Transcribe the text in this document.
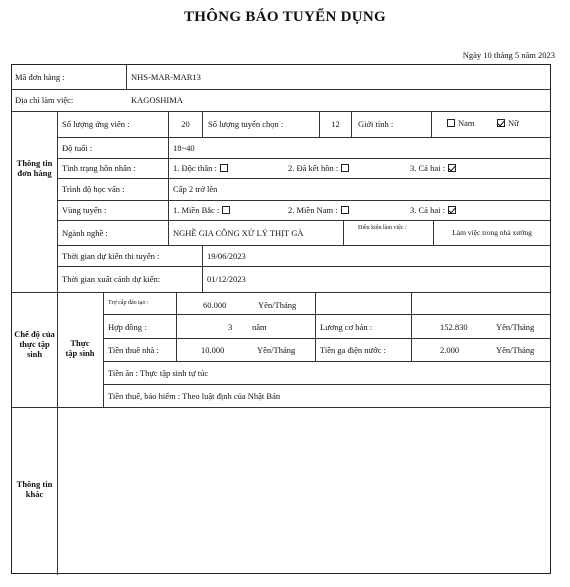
THÔNG BÁO TUYỂN DỤNG
Ngày 10 tháng 5 năm 2023
Mã đơn hàng :	NHS-MAR-MAR13
Địa chỉ làm việc:	KAGOSHIMA
Thông tin đơn hàng
Số lượng ứng viên :	20	Số lượng tuyển chọn :	12	Giới tính :	Nam	Nữ
Độ tuổi :	18~40
Tình trạng hôn nhân :	1. Độc thân :	2. Đã kết hôn :	3. Cả hai :
Trình độ học vấn :	Cấp 2 trở lên
Vùng tuyển :	1. Miền Bắc :	2. Miền Nam :	3. Cả hai :
Ngành nghề :	NGHỀ GIA CÔNG XỬ LÝ THỊT GÀ	Điều kiện làm việc :	Làm việc trong nhà xưởng
Thời gian dự kiến thi tuyển :	19/06/2023
Thời gian xuất cảnh dự kiến:	01/12/2023
Chế độ của thực tập sinh
Thực tập sinh
Trợ cấp đào tạo :	60.000	Yên/Tháng
Hợp đồng :	3 năm	Lương cơ bản :	152.830	Yên/Tháng
Tiền thuê nhà :	10.000	Yên/Tháng	Tiền ga điện nước :	2.000	Yên/Tháng
Tiền ăn : Thực tập sinh tự túc
Tiền thuế, bảo hiểm : Theo luật định của Nhật Bản
Thông tin khác
